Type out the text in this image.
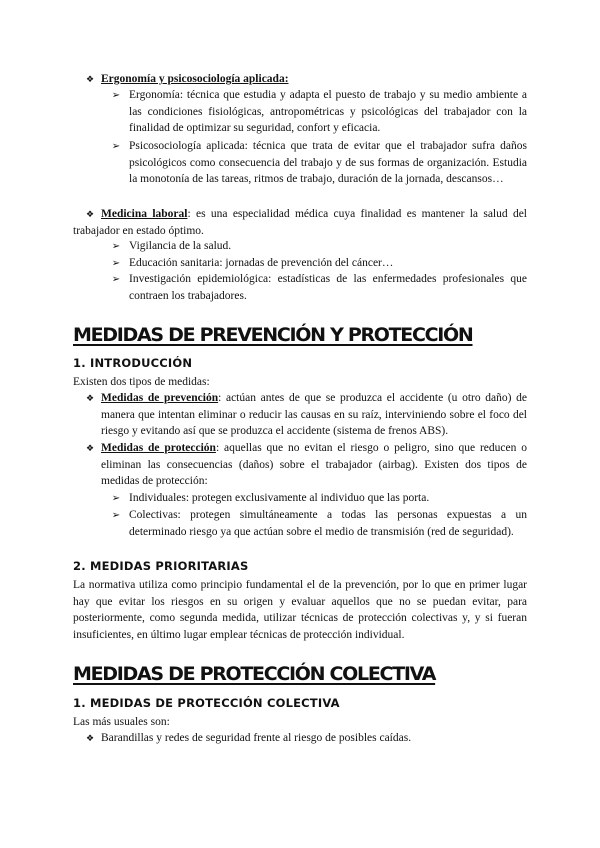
❖ Ergonomía y psicosociología aplicada:
➢ Ergonomía: técnica que estudia y adapta el puesto de trabajo y su medio ambiente a las condiciones fisiológicas, antropométricas y psicológicas del trabajador con la finalidad de optimizar su seguridad, confort y eficacia.
➢ Psicosociología aplicada: técnica que trata de evitar que el trabajador sufra daños psicológicos como consecuencia del trabajo y de sus formas de organización. Estudia la monotonía de las tareas, ritmos de trabajo, duración de la jornada, descansos…
❖ Medicina laboral: es una especialidad médica cuya finalidad es mantener la salud del trabajador en estado óptimo.
➢ Vigilancia de la salud.
➢ Educación sanitaria: jornadas de prevención del cáncer…
➢ Investigación epidemiológica: estadísticas de las enfermedades profesionales que contraen los trabajadores.
MEDIDAS DE PREVENCIÓN Y PROTECCIÓN
1. INTRODUCCIÓN
Existen dos tipos de medidas:
❖ Medidas de prevención: actúan antes de que se produzca el accidente (u otro daño) de manera que intentan eliminar o reducir las causas en su raíz, interviniendo sobre el foco del riesgo y evitando así que se produzca el accidente (sistema de frenos ABS).
❖ Medidas de protección: aquellas que no evitan el riesgo o peligro, sino que reducen o eliminan las consecuencias (daños) sobre el trabajador (airbag). Existen dos tipos de medidas de protección:
➢ Individuales: protegen exclusivamente al individuo que las porta.
➢ Colectivas: protegen simultáneamente a todas las personas expuestas a un determinado riesgo ya que actúan sobre el medio de transmisión (red de seguridad).
2. MEDIDAS PRIORITARIAS
La normativa utiliza como principio fundamental el de la prevención, por lo que en primer lugar hay que evitar los riesgos en su origen y evaluar aquellos que no se puedan evitar, para posteriormente, como segunda medida, utilizar técnicas de protección colectivas y, y si fueran insuficientes, en último lugar emplear técnicas de protección individual.
MEDIDAS DE PROTECCIÓN COLECTIVA
1. MEDIDAS DE PROTECCIÓN COLECTIVA
Las más usuales son:
❖ Barandillas y redes de seguridad frente al riesgo de posibles caídas.
